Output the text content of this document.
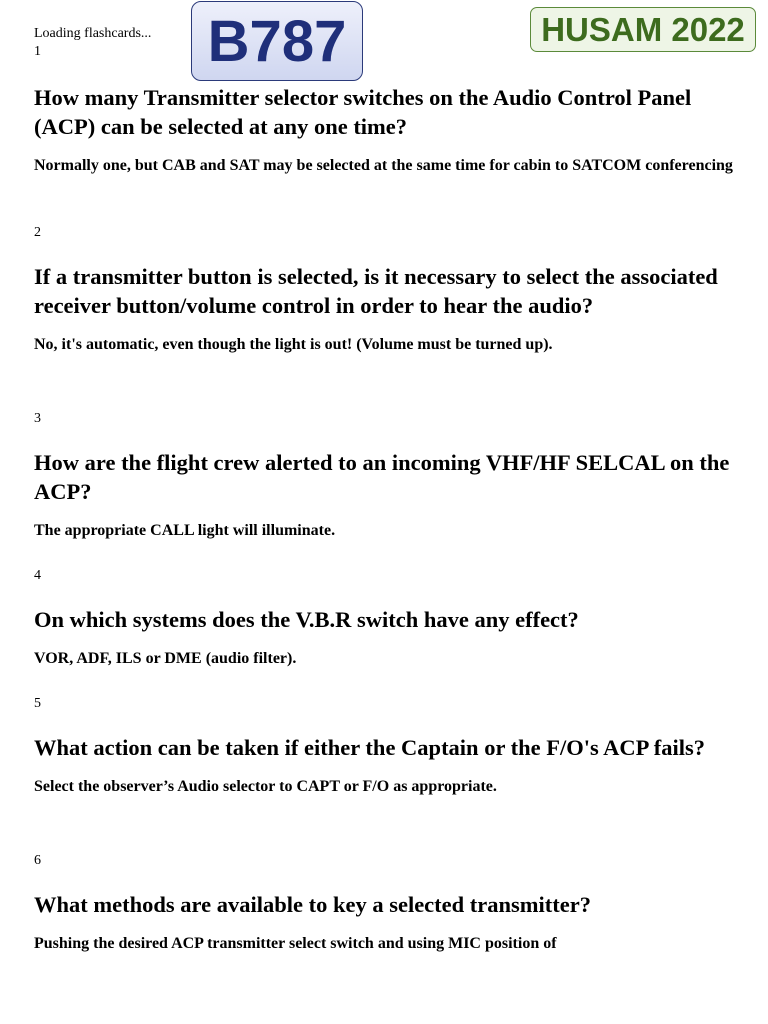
Loading flashcards... B787	HUSAM 2022

1

How many Transmitter selector switches on the Audio Control Panel (ACP) can be selected at any one time?

Normally one, but CAB and SAT may be selected at the same time for cabin to SATCOM conferencing

2

If a transmitter button is selected, is it necessary to select the associated receiver button/volume control in order to hear the audio?

No, it's automatic, even though the light is out! (Volume must be turned up).

3

How are the flight crew alerted to an incoming VHF/HF SELCAL on the ACP?

The appropriate CALL light will illuminate.

4

On which systems does the V.B.R switch have any effect?

VOR, ADF, ILS or DME (audio filter).

5

What action can be taken if either the Captain or the F/O's ACP fails?

Select the observer’s Audio selector to CAPT or F/O as appropriate.

6

What methods are available to key a selected transmitter?

Pushing the desired ACP transmitter select switch and using MIC position of
